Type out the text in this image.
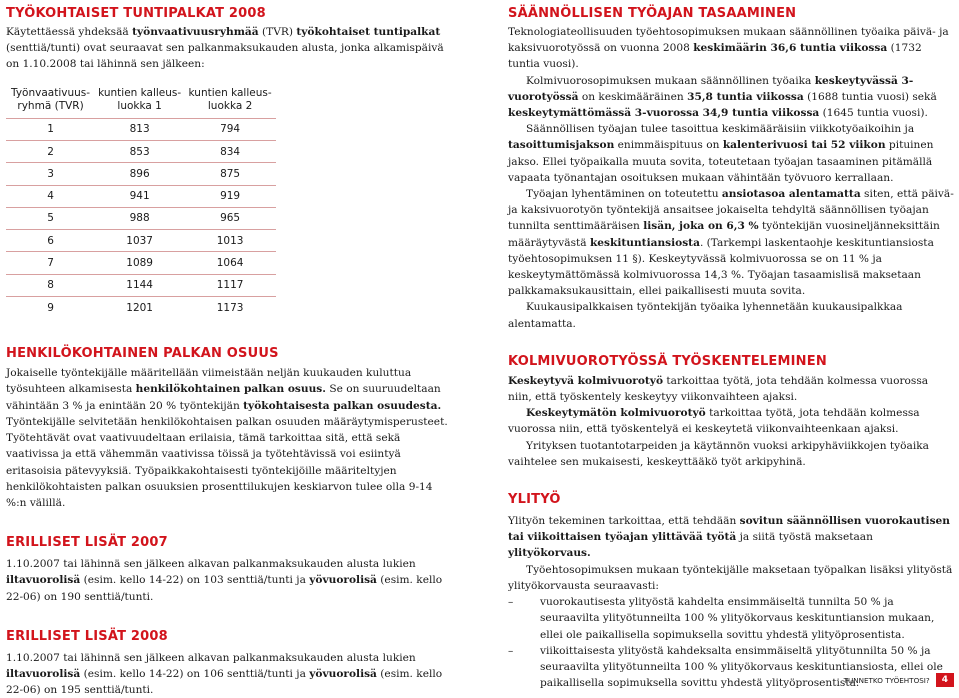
TYÖKOHTAISET TUNTIPALKAT 2008

Käytettäessä yhdeksää työnvaativuusryhmää (TVR) työkohtaiset tuntipalkat (senttiä/tunti) ovat seuraavat sen palkanmaksukauden alusta, jonka alkamispäivä on 1.10.2008 tai lähinnä sen jälkeen:

Työnvaativuus-ryhmä (TVR)	kuntien kalleus-luokka 1	kuntien kalleus-luokka 2
1	813	794
2	853	834
3	896	875
4	941	919
5	988	965
6	1037	1013
7	1089	1064
8	1144	1117
9	1201	1173
HENKILÖKOHTAINEN PALKAN OSUUS

Jokaiselle työntekijälle määritellään viimeistään neljän kuukauden kuluttua työsuhteen alkamisesta henkilökohtainen palkan osuus. Se on suuruudeltaan vähintään 3 % ja enintään 20 % työntekijän työkohtaisesta palkan osuudesta. Työntekijälle selvitetään henkilökohtaisen palkan osuuden määräytymisperusteet. Työtehtävät ovat vaativuudeltaan erilaisia, tämä tarkoittaa sitä, että sekä vaativissa ja että vähemmän vaativissa töissä ja työtehtävissä voi esiintyä eritasoisia pätevyyksiä. Työpaikkakohtaisesti työntekijöille määriteltyjen henkilökohtaisten palkan osuuksien prosenttilukujen keskiarvon tulee olla 9-14 %:n välillä.

ERILLISET LISÄT 2007

1.10.2007 tai lähinnä sen jälkeen alkavan palkanmaksukauden alusta lukien iltavuorolisä (esim. kello 14-22) on 103 senttiä/tunti ja yövuorolisä (esim. kello 22-06) on 190 senttiä/tunti.

ERILLISET LISÄT 2008

1.10.2007 tai lähinnä sen jälkeen alkavan palkanmaksukauden alusta lukien iltavuorolisä (esim. kello 14-22) on 106 senttiä/tunti ja yövuorolisä (esim. kello 22-06) on 195 senttiä/tunti.

SÄÄNNÖLLISEN TYÖAJAN TASAAMINEN

Teknologiateollisuuden työehtosopimuksen mukaan säännöllinen työaika päivä- ja kaksivuorotyössä on vuonna 2008 keskimäärin 36,6 tuntia viikossa (1732 tuntia vuosi).

Kolmivuorosopimuksen mukaan säännöllinen työaika keskeytyvässä 3-vuorotyössä on keskimääräinen 35,8 tuntia viikossa (1688 tuntia vuosi) sekä keskeytymättömässä 3-vuorossa 34,9 tuntia viikossa (1645 tuntia vuosi).

Säännöllisen työajan tulee tasoittua keskimääräisiin viikkotyöaikoihin ja tasoittumisjakson enimmäispituus on kalenterivuosi tai 52 viikon pituinen jakso. Ellei työpaikalla muuta sovita, toteutetaan työajan tasaaminen pitämällä vapaata työnantajan osoituksen mukaan vähintään työvuoro kerrallaan.

Työajan lyhentäminen on toteutettu ansiotasoa alentamatta siten, että päivä- ja kaksivuorotyön työntekijä ansaitsee jokaiselta tehdyltä säännöllisen työajan tunnilta senttimääräisen lisän, joka on 6,3 % työntekijän vuosineljänneksittäin määräytyvästä keskituntiansiosta. (Tarkempi laskentaohje keskituntiansiosta työehtosopimuksen 11 §). Keskeytyvässä kolmivuorossa se on 11 % ja keskeytymättömässä kolmivuorossa 14,3 %. Työajan tasaamislisä maksetaan palkkamaksukausittain, ellei paikallisesti muuta sovita.

Kuukausipalkkaisen työntekijän työaika lyhennetään kuukausipalkkaa alentamatta.

KOLMIVUOROTYÖSSÄ TYÖSKENTELEMINEN

Keskeytyvä kolmivuorotyö tarkoittaa työtä, jota tehdään kolmessa vuorossa niin, että työskentely keskeytyy viikonvaihteen ajaksi.

Keskeytymätön kolmivuorotyö tarkoittaa työtä, jota tehdään kolmessa vuorossa niin, että työskentelyä ei keskeytetä viikonvaihteenkaan ajaksi.

Yrityksen tuotantotarpeiden ja käytännön vuoksi arkipyhäviikkojen työaika vaihtelee sen mukaisesti, keskeyttääkö työt arkipyhinä.

YLITYÖ

Ylityön tekeminen tarkoittaa, että tehdään sovitun säännöllisen vuorokautisen tai viikoittaisen työajan ylittävää työtä ja siitä työstä maksetaan ylityökorvaus.

Työehtosopimuksen mukaan työntekijälle maksetaan työpalkan lisäksi ylityöstä ylityökorvausta seuraavasti:

– vuorokautisesta ylityöstä kahdelta ensimmäiseltä tunnilta 50 % ja seuraavilta ylityötunneilta 100 % ylityökorvaus keskituntiansion mukaan, ellei ole paikallisella sopimuksella sovittu yhdestä ylityöprosentista.
– viikoittaisesta ylityöstä kahdeksalta ensimmäiseltä ylityötunnilta 50 % ja seuraavilta ylityötunneilta 100 % ylityökorvaus keskituntiansiosta, ellei ole paikallisella sopimuksella sovittu yhdestä ylityöprosentista.
TUNNETKO TYÖEHTOSI?	4
